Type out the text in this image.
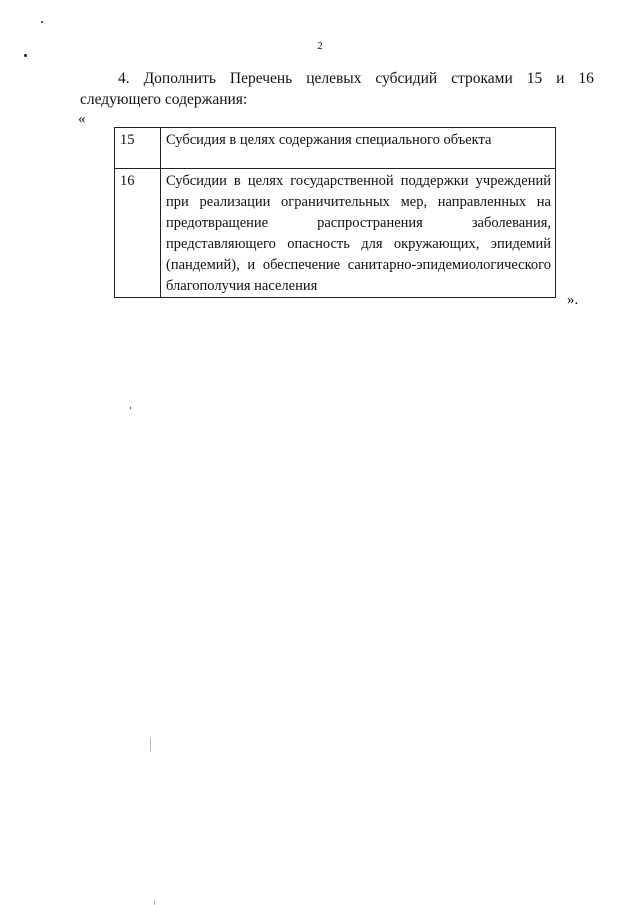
2
4. Дополнить Перечень целевых субсидий строками 15 и 16
следующего содержания:
«
15	Субсидия в целях содержания специального объекта
16	Субсидии в целях государственной поддержки учреждений при реализации ограничительных мер, направленных на предотвращение распространения заболевания, представляющего опасность для окружающих, эпидемий (пандемий), и обеспечение санитарно-эпидемиологического благополучия населения
».
